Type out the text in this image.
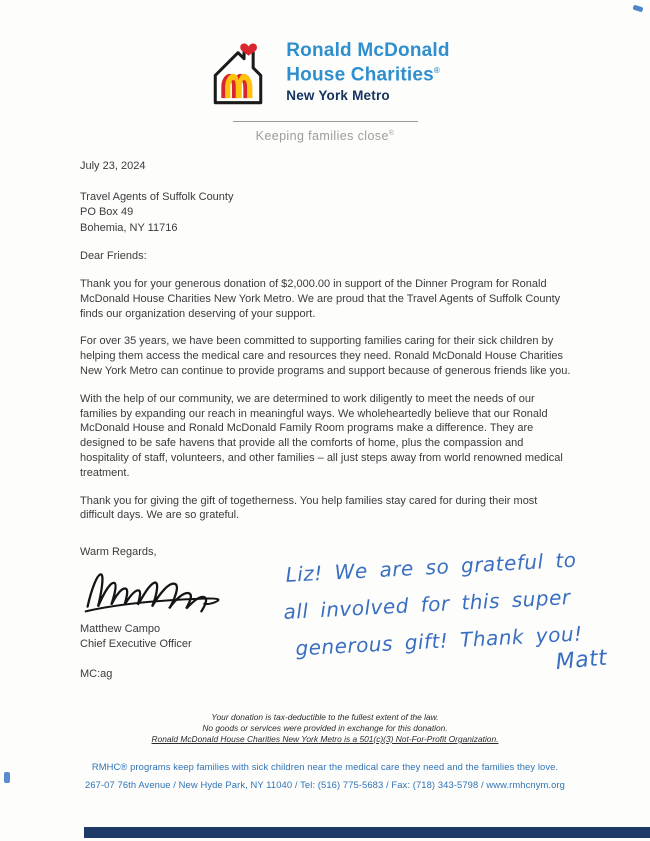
Ronald McDonald
House Charities®
New York Metro
Keeping families close®
July 23, 2024
Travel Agents of Suffolk County
PO Box 49
Bohemia, NY 11716
Dear Friends:

Thank you for your generous donation of $2,000.00 in support of the Dinner Program for Ronald McDonald House Charities New York Metro. We are proud that the Travel Agents of Suffolk County finds our organization deserving of your support.

For over 35 years, we have been committed to supporting families caring for their sick children by helping them access the medical care and resources they need. Ronald McDonald House Charities New York Metro can continue to provide programs and support because of generous friends like you.

With the help of our community, we are determined to work diligently to meet the needs of our families by expanding our reach in meaningful ways. We wholeheartedly believe that our Ronald McDonald House and Ronald McDonald Family Room programs make a difference. They are designed to be safe havens that provide all the comforts of home, plus the compassion and hospitality of staff, volunteers, and other families – all just steps away from world renowned medical treatment.

Thank you for giving the gift of togetherness. You help families stay cared for during their most difficult days. We are so grateful.

Warm Regards,
Matthew Campo
Chief Executive Officer
MC:ag
Liz! We are so grateful to
all involved for this super
generous gift! Thank you!
Matt
Your donation is tax-deductible to the fullest extent of the law.
No goods or services were provided in exchange for this donation.
Ronald McDonald House Charities New York Metro is a 501(c)(3) Not-For-Profit Organization.
RMHC® programs keep families with sick children near the medical care they need and the families they love.
267-07 76th Avenue / New Hyde Park, NY 11040 / Tel: (516) 775-5683 / Fax: (718) 343-5798 / www.rmhcnym.org
